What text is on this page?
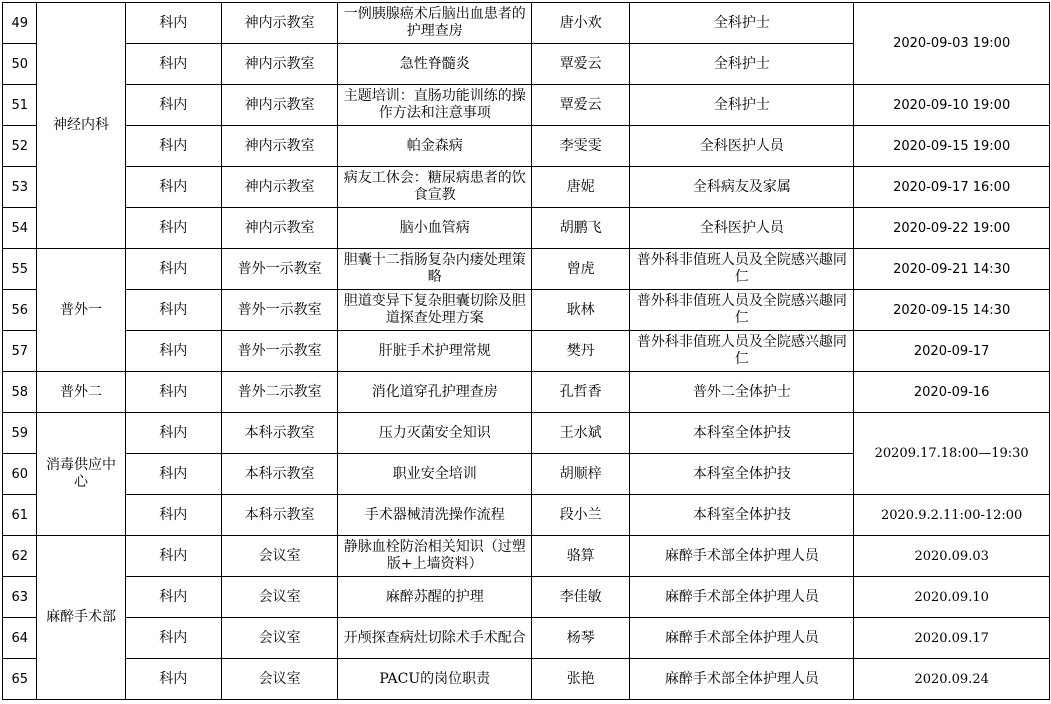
49	神经内科	科内	神内示教室	一例胰腺癌术后脑出血患者的护理查房	唐小欢	全科护士	2020-09-03 19:00
50		科内	神内示教室	急性脊髓炎	覃爱云	全科护士	
51		科内	神内示教室	主题培训：直肠功能训练的操作方法和注意事项	覃爱云	全科护士	2020-09-10 19:00
52		科内	神内示教室	帕金森病	李雯雯	全科医护人员	2020-09-15 19:00
53		科内	神内示教室	病友工休会：糖尿病患者的饮食宣教	唐妮	全科病友及家属	2020-09-17 16:00
54		科内	神内示教室	脑小血管病	胡鹏飞	全科医护人员	2020-09-22 19:00
55	普外一	科内	普外一示教室	胆囊十二指肠复杂内瘘处理策略	曾虎	普外科非值班人员及全院感兴趣同仁	2020-09-21 14:30
56		科内	普外一示教室	胆道变异下复杂胆囊切除及胆道探查处理方案	耿林	普外科非值班人员及全院感兴趣同仁	2020-09-15 14:30
57		科内	普外一示教室	肝脏手术护理常规	樊丹	普外科非值班人员及全院感兴趣同仁	2020-09-17
58	普外二	科内	普外二示教室	消化道穿孔护理查房	孔哲香	普外二全体护士	2020-09-16
59	消毒供应中心	科内	本科示教室	压力灭菌安全知识	王水斌	本科室全体护技	20209.17.18:00—19:30
60		科内	本科示教室	职业安全培训	胡顺梓	本科室全体护技	
61		科内	本科示教室	手术器械清洗操作流程	段小兰	本科室全体护技	2020.9.2.11:00-12:00
62	麻醉手术部	科内	会议室	静脉血栓防治相关知识（过塑版+上墙资料）	骆算	麻醉手术部全体护理人员	2020.09.03
63		科内	会议室	麻醉苏醒的护理	李佳敏	麻醉手术部全体护理人员	2020.09.10
64		科内	会议室	开颅探查病灶切除术手术配合	杨琴	麻醉手术部全体护理人员	2020.09.17
65		科内	会议室	PACU的岗位职责	张艳	麻醉手术部全体护理人员	2020.09.24
